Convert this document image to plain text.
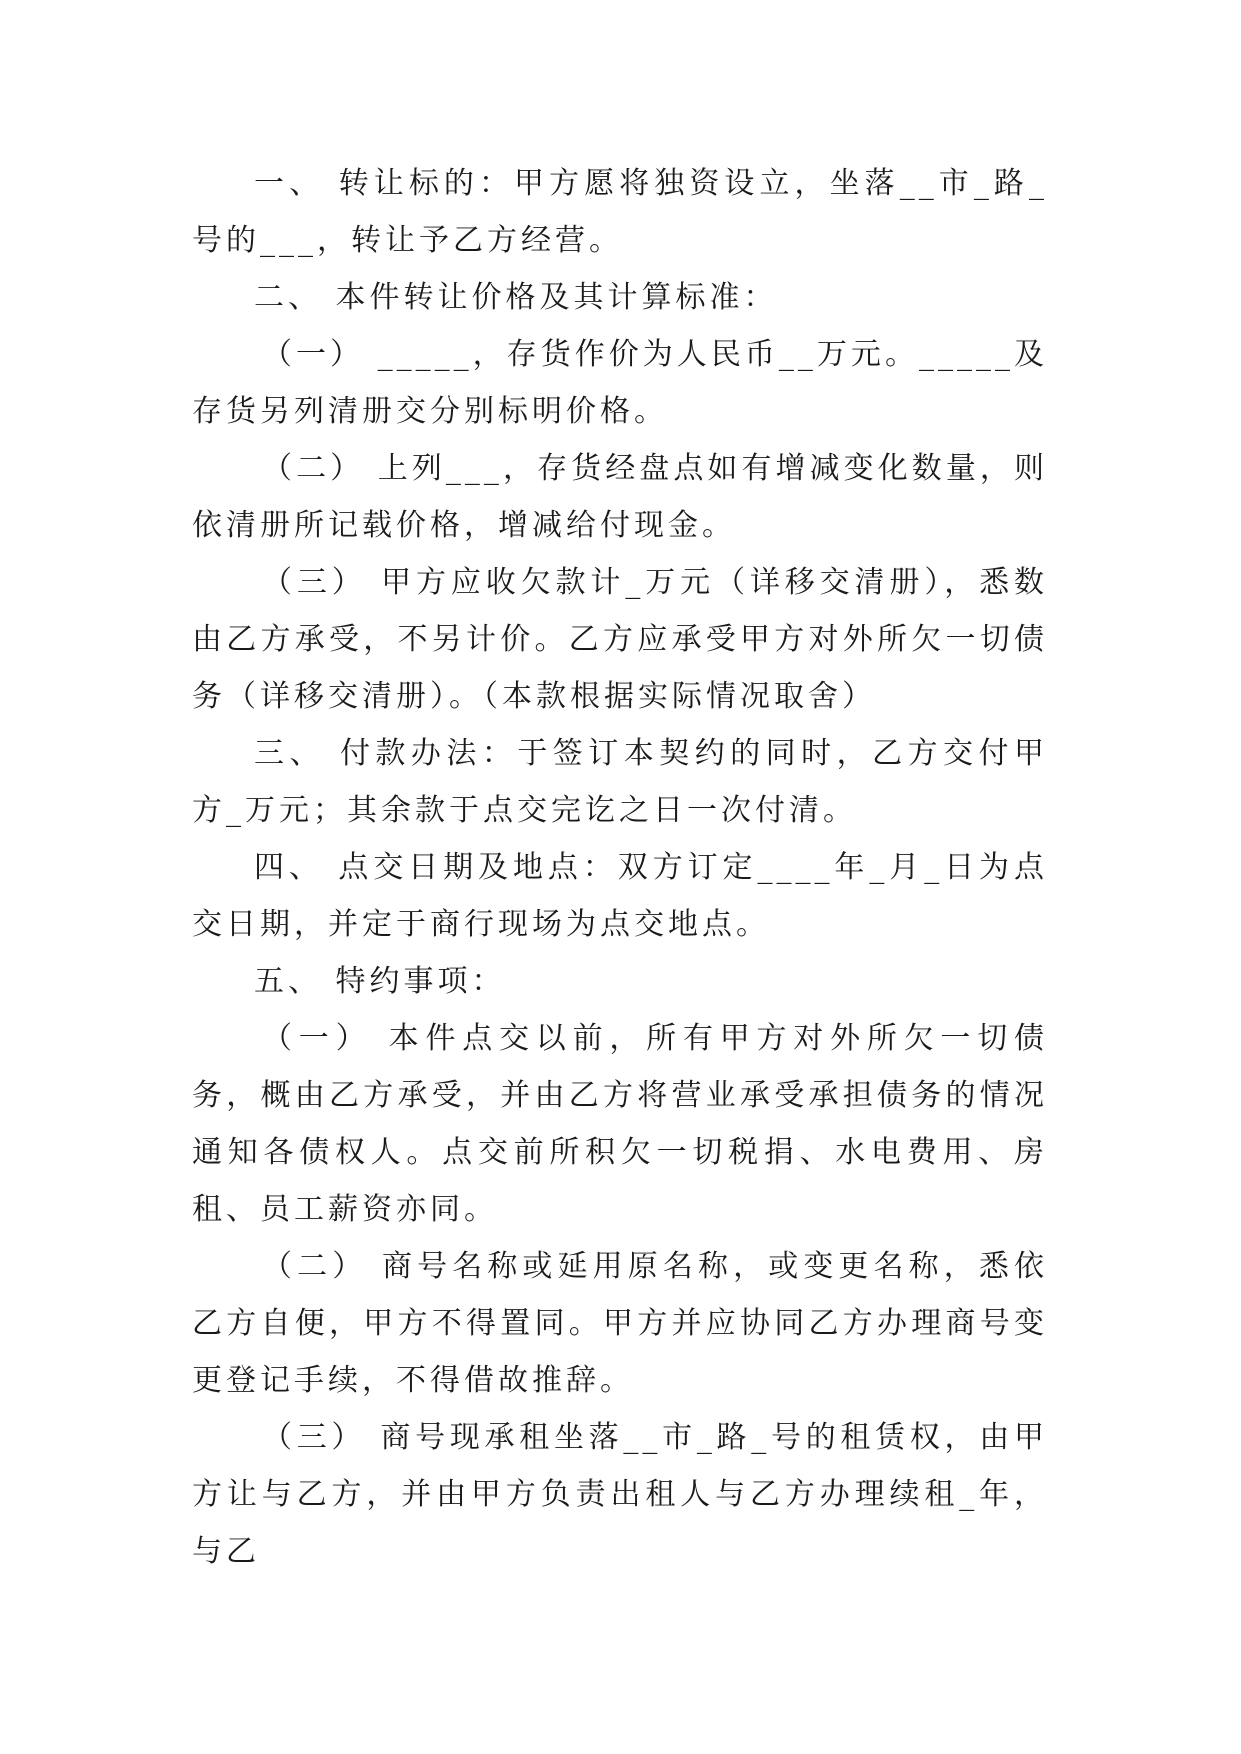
一、 转让标的：甲方愿将独资设立，坐落__市_路_号的___，转让予乙方经营。

二、 本件转让价格及其计算标准：

（一） _____，存货作价为人民币__万元。_____及存货另列清册交分别标明价格。

（二） 上列___，存货经盘点如有增减变化数量，则依清册所记载价格，增减给付现金。

（三） 甲方应收欠款计_万元（详移交清册），悉数由乙方承受，不另计价。乙方应承受甲方对外所欠一切债务（详移交清册）。（本款根据实际情况取舍）

三、 付款办法：于签订本契约的同时，乙方交付甲方_万元；其余款于点交完讫之日一次付清。

四、 点交日期及地点：双方订定____年_月_日为点交日期，并定于商行现场为点交地点。

五、 特约事项：

（一） 本件点交以前，所有甲方对外所欠一切债务，概由乙方承受，并由乙方将营业承受承担债务的情况通知各债权人。点交前所积欠一切税捐、水电费用、房租、员工薪资亦同。

（二） 商号名称或延用原名称，或变更名称，悉依乙方自便，甲方不得置同。甲方并应协同乙方办理商号变更登记手续，不得借故推辞。

（三） 商号现承租坐落__市_路_号的租赁权，由甲方让与乙方，并由甲方负责出租人与乙方办理续租_年，与乙
